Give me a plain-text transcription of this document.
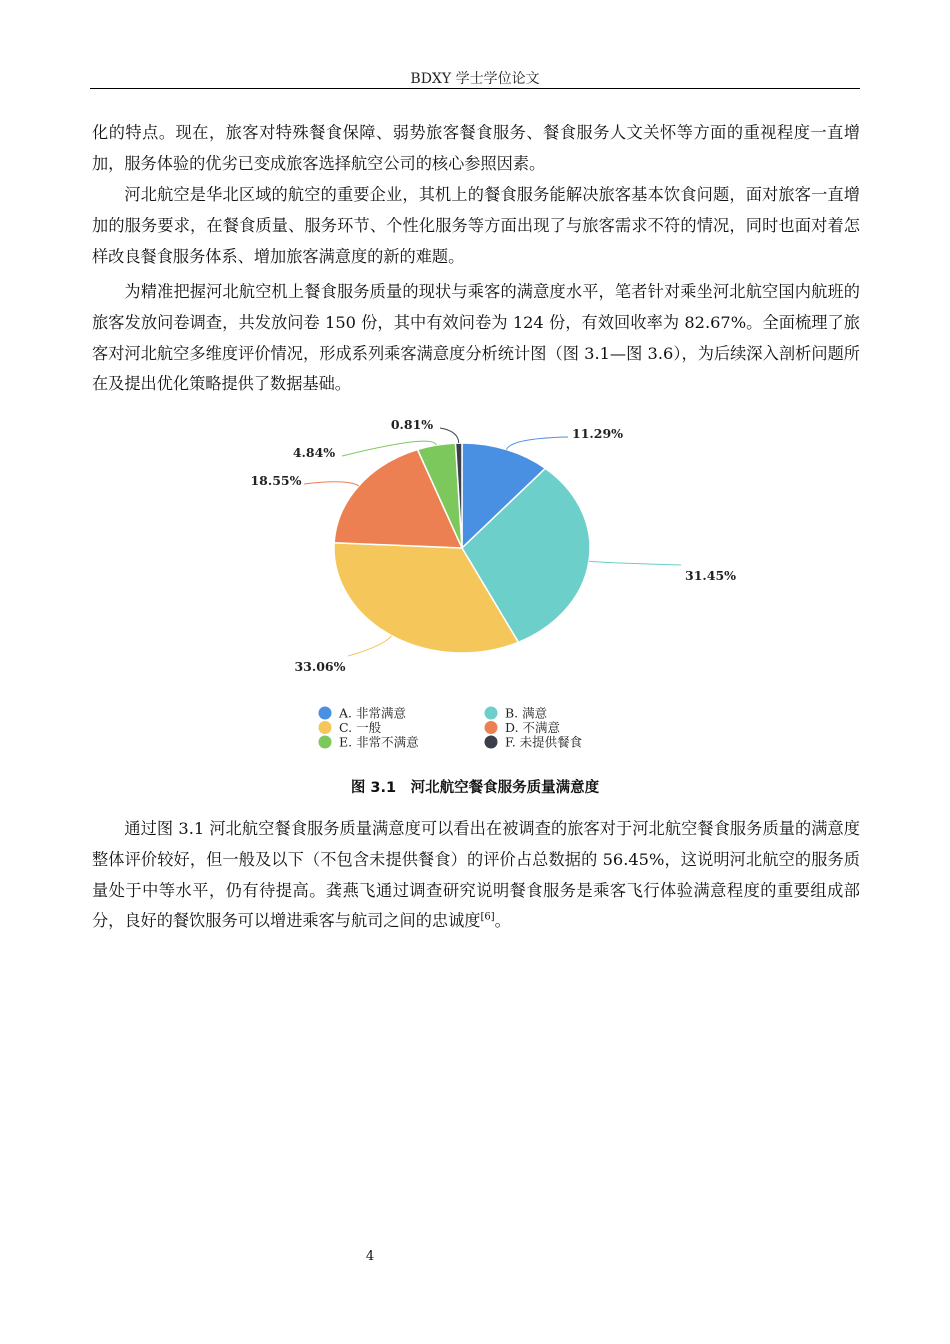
BDXY 学士学位论文

化的特点。现在，旅客对特殊餐食保障、弱势旅客餐食服务、餐食服务人文关怀等方面的重视程度一直增加，服务体验的优劣已变成旅客选择航空公司的核心参照因素。

河北航空是华北区域的航空的重要企业，其机上的餐食服务能解决旅客基本饮食问题，面对旅客一直增加的服务要求，在餐食质量、服务环节、个性化服务等方面出现了与旅客需求不符的情况，同时也面对着怎样改良餐食服务体系、增加旅客满意度的新的难题。

为精准把握河北航空机上餐食服务质量的现状与乘客的满意度水平，笔者针对乘坐河北航空国内航班的旅客发放问卷调查，共发放问卷 150 份，其中有效问卷为 124 份，有效回收率为 82.67%。全面梳理了旅客对河北航空多维度评价情况，形成系列乘客满意度分析统计图（图 3.1—图 3.6），为后续深入剖析问题所在及提出优化策略提供了数据基础。

11.29%
31.45%
33.06%
18.55%
4.84%
0.81%
A. 非常满意	B. 满意
C. 一般	D. 不满意
E. 非常不满意	F. 未提供餐食
图 3.1　河北航空餐食服务质量满意度

通过图 3.1 河北航空餐食服务质量满意度可以看出在被调查的旅客对于河北航空餐食服务质量的满意度整体评价较好，但一般及以下（不包含未提供餐食）的评价占总数据的 56.45%，这说明河北航空的服务质量处于中等水平，仍有待提高。龚燕飞通过调查研究说明餐食服务是乘客飞行体验满意程度的重要组成部分，良好的餐饮服务可以增进乘客与航司之间的忠诚度[6]。

4
